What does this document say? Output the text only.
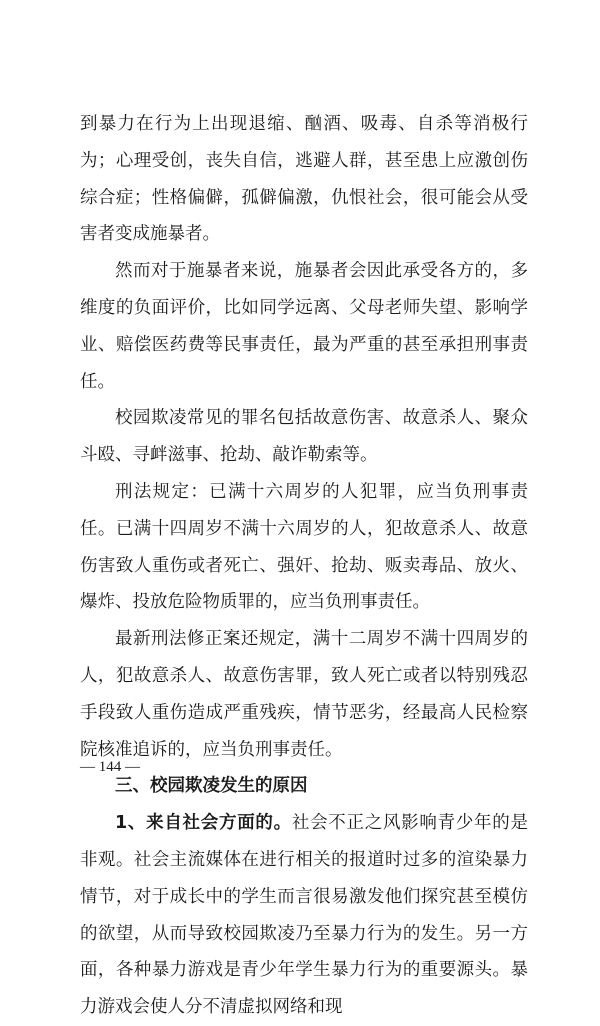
到暴力在行为上出现退缩、酗酒、吸毒、自杀等消极行为；心理受创，丧失自信，逃避人群，甚至患上应激创伤综合症；性格偏僻，孤僻偏激，仇恨社会，很可能会从受害者变成施暴者。

然而对于施暴者来说，施暴者会因此承受各方的，多维度的负面评价，比如同学远离、父母老师失望、影响学业、赔偿医药费等民事责任，最为严重的甚至承担刑事责任。

校园欺凌常见的罪名包括故意伤害、故意杀人、聚众斗殴、寻衅滋事、抢劫、敲诈勒索等。

刑法规定：已满十六周岁的人犯罪，应当负刑事责任。已满十四周岁不满十六周岁的人，犯故意杀人、故意伤害致人重伤或者死亡、强奸、抢劫、贩卖毒品、放火、爆炸、投放危险物质罪的，应当负刑事责任。

最新刑法修正案还规定，满十二周岁不满十四周岁的人，犯故意杀人、故意伤害罪，致人死亡或者以特别残忍手段致人重伤造成严重残疾，情节恶劣，经最高人民检察院核准追诉的，应当负刑事责任。

三、校园欺凌发生的原因

1、来自社会方面的。社会不正之风影响青少年的是非观。社会主流媒体在进行相关的报道时过多的渲染暴力情节，对于成长中的学生而言很易激发他们探究甚至模仿的欲望，从而导致校园欺凌乃至暴力行为的发生。另一方面，各种暴力游戏是青少年学生暴力行为的重要源头。暴力游戏会使人分不清虚拟网络和现

— 144 —
